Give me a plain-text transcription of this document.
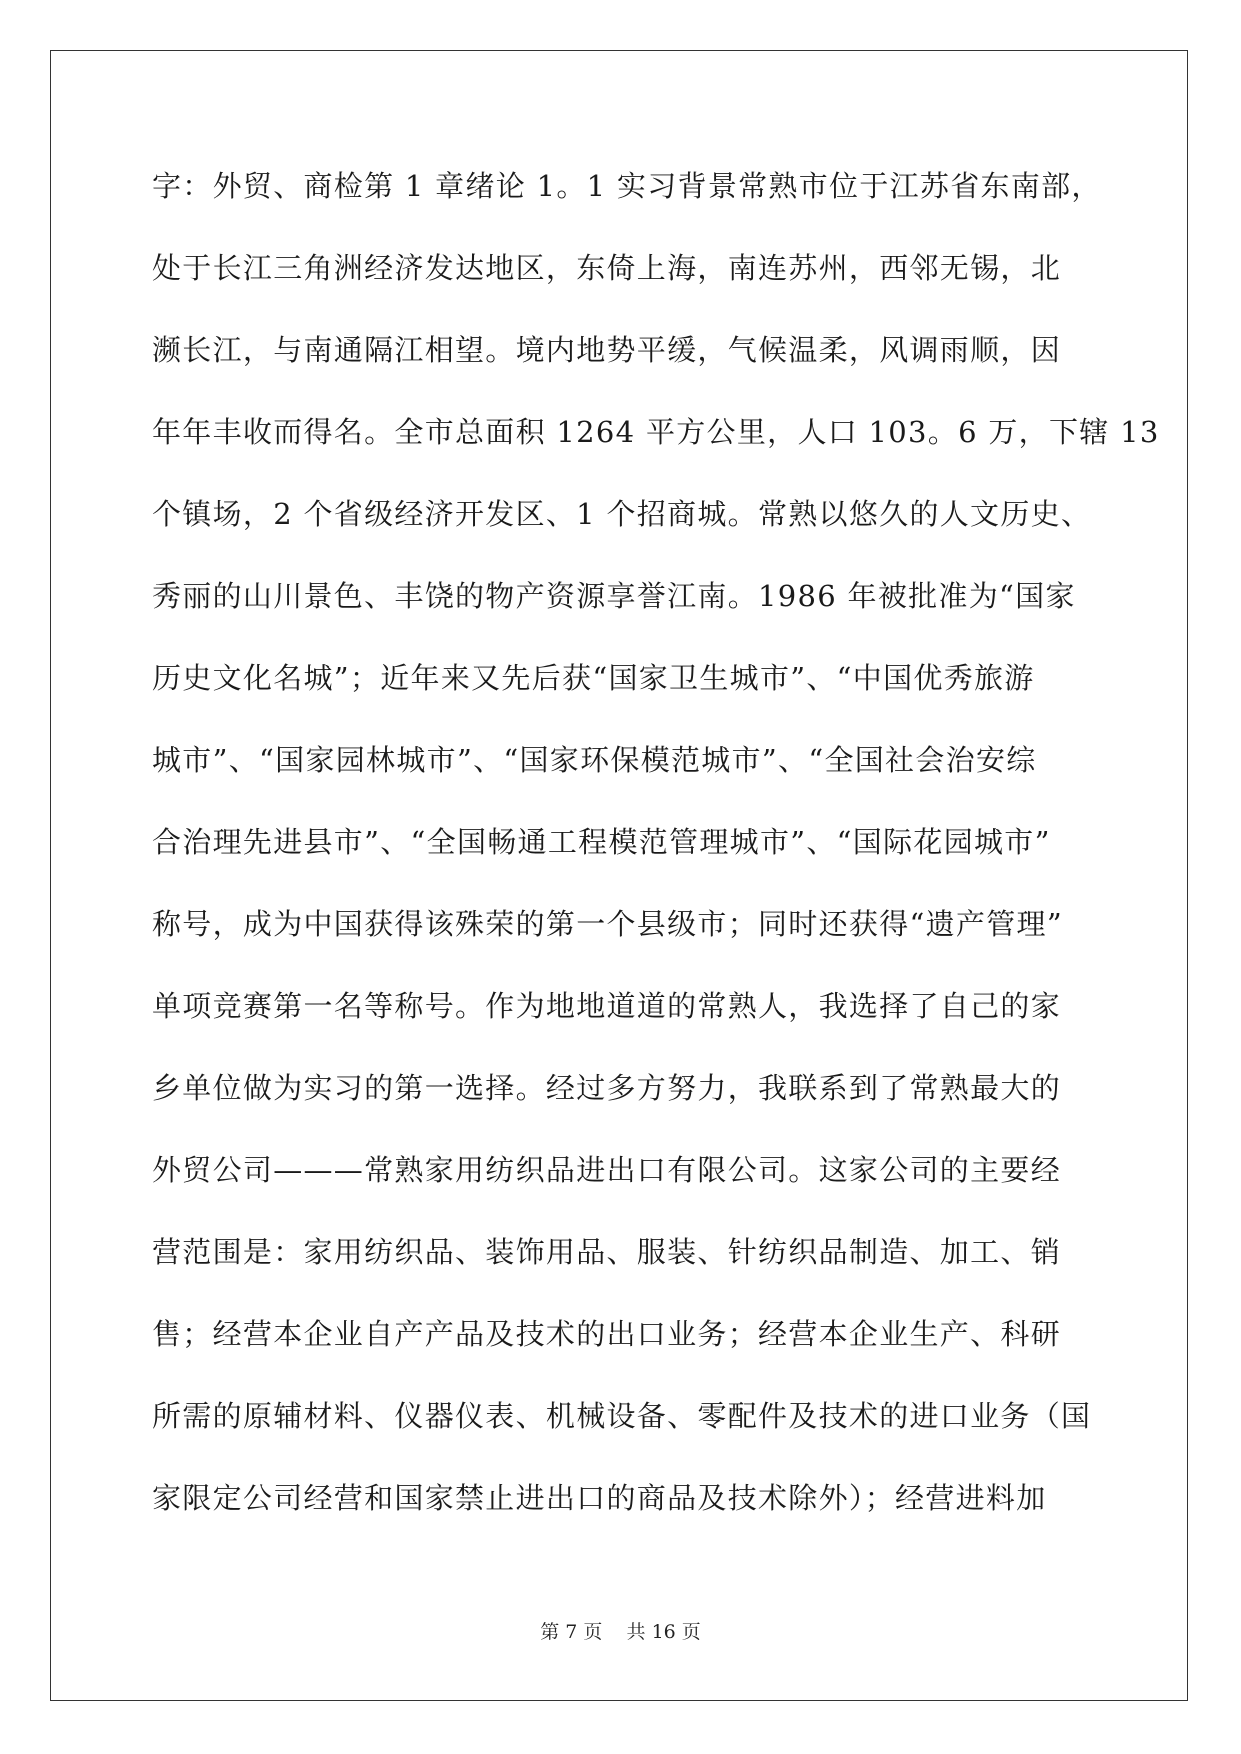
字：外贸、商检第 1 章绪论 1。1 实习背景常熟市位于江苏省东南部，
处于长江三角洲经济发达地区，东倚上海，南连苏州，西邻无锡，北
濒长江，与南通隔江相望。境内地势平缓，气候温柔，风调雨顺，因
年年丰收而得名。全市总面积 1264 平方公里，人口 103。6 万，下辖 13
个镇场，2 个省级经济开发区、1 个招商城。常熟以悠久的人文历史、
秀丽的山川景色、丰饶的物产资源享誉江南。1986 年被批准为“国家
历史文化名城”；近年来又先后获“国家卫生城市”、“中国优秀旅游
城市”、“国家园林城市”、“国家环保模范城市”、“全国社会治安综
合治理先进县市”、“全国畅通工程模范管理城市”、“国际花园城市”
称号，成为中国获得该殊荣的第一个县级市；同时还获得“遗产管理”
单项竞赛第一名等称号。作为地地道道的常熟人，我选择了自己的家
乡单位做为实习的第一选择。经过多方努力，我联系到了常熟最大的
外贸公司———常熟家用纺织品进出口有限公司。这家公司的主要经
营范围是：家用纺织品、装饰用品、服装、针纺织品制造、加工、销
售；经营本企业自产产品及技术的出口业务；经营本企业生产、科研
所需的原辅材料、仪器仪表、机械设备、零配件及技术的进口业务（国
家限定公司经营和国家禁止进出口的商品及技术除外）；经营进料加
第 7 页    共 16 页
